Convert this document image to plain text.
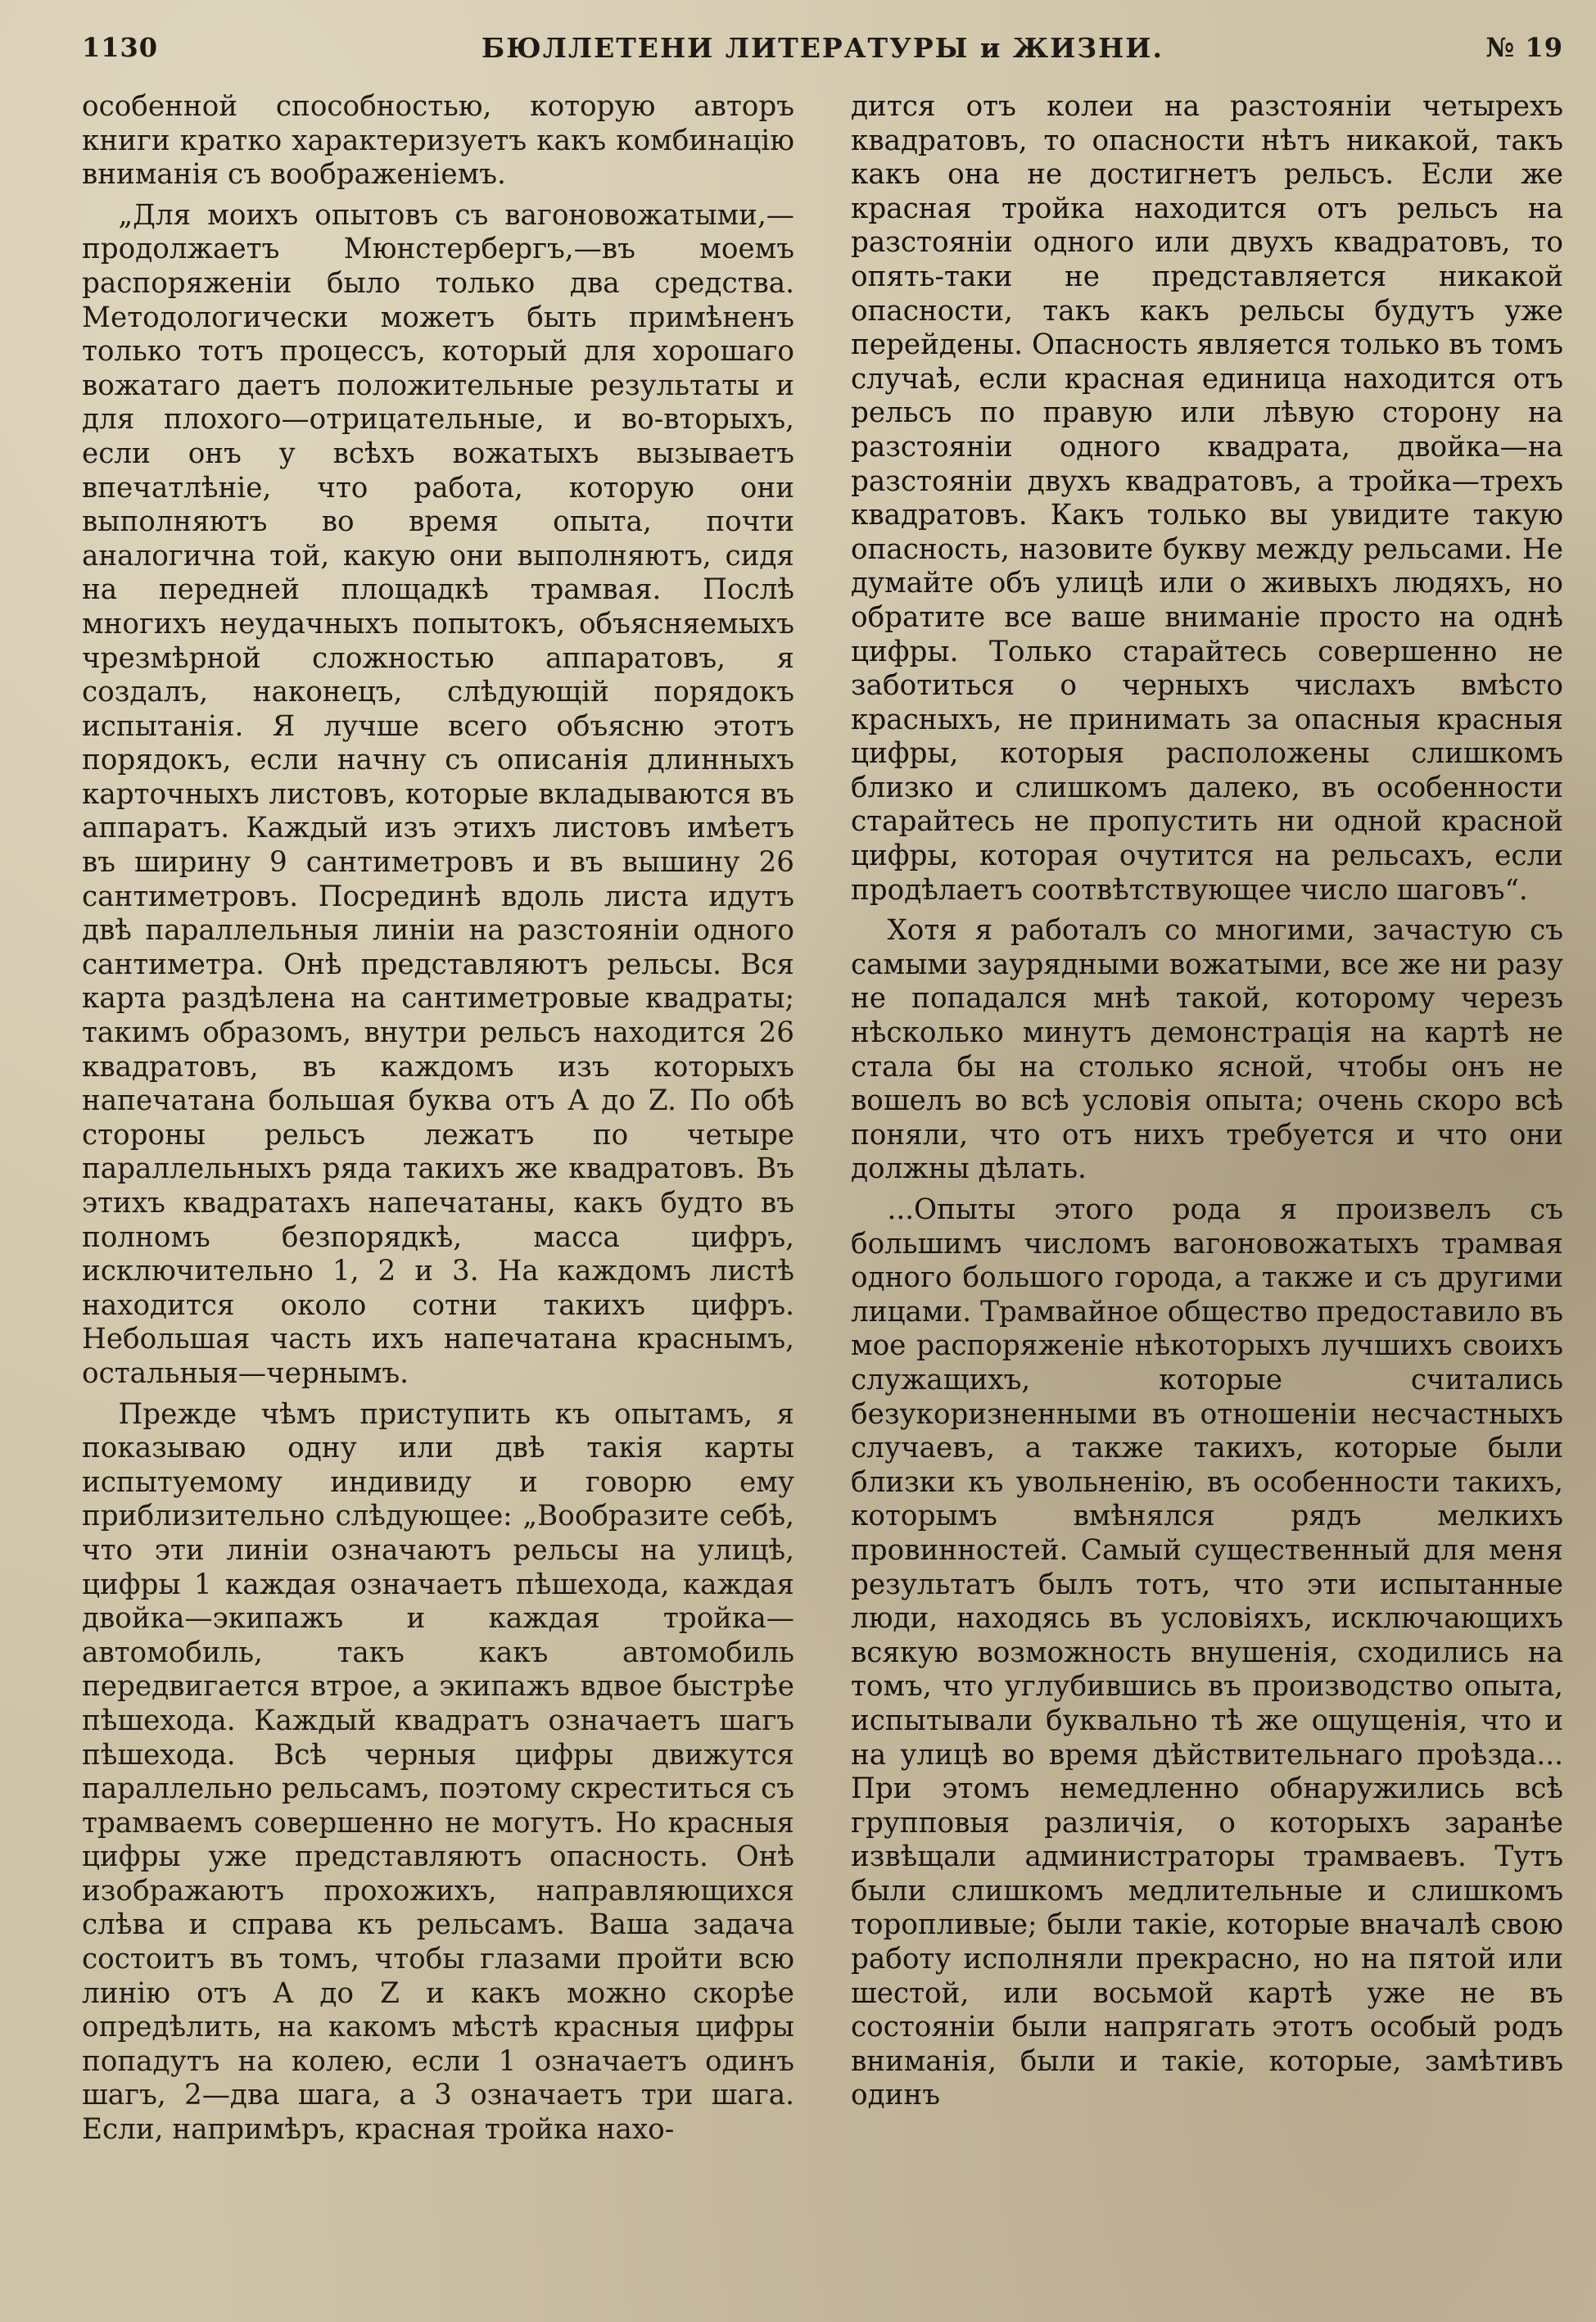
1130	БЮЛЛЕТЕНИ ЛИТЕРАТУРЫ и ЖИЗНИ.	№ 19

особенной способностью, которую авторъ книги кратко характеризуетъ какъ комбинацію вниманія съ воображеніемъ.

„Для моихъ опытовъ съ вагоновожатыми,— продолжаетъ Мюнстербергъ,—въ моемъ распоряженіи было только два средства. Методологически можетъ быть примѣненъ только тотъ процессъ, который для хорошаго вожатаго даетъ положительные результаты и для плохого—отрицательные, и во-вторыхъ, если онъ у всѣхъ вожатыхъ вызываетъ впечатлѣніе, что работа, которую они выполняютъ во время опыта, почти аналогична той, какую они выполняютъ, сидя на передней площадкѣ трамвая. Послѣ многихъ неудачныхъ попытокъ, объясняемыхъ чрезмѣрной сложностью аппаратовъ, я создалъ, наконецъ, слѣдующій порядокъ испытанія. Я лучше всего объясню этотъ порядокъ, если начну съ описанія длинныхъ карточныхъ листовъ, которые вкладываются въ аппаратъ. Каждый изъ этихъ листовъ имѣетъ въ ширину 9 сантиметровъ и въ вышину 26 сантиметровъ. Посрединѣ вдоль листа идутъ двѣ параллельныя линіи на разстояніи одного сантиметра. Онѣ представляютъ рельсы. Вся карта раздѣлена на сантиметровые квадраты; такимъ образомъ, внутри рельсъ находится 26 квадратовъ, въ каждомъ изъ которыхъ напечатана большая буква отъ A до Z. По обѣ стороны рельсъ лежатъ по четыре параллельныхъ ряда такихъ же квадратовъ. Въ этихъ квадратахъ напечатаны, какъ будто въ полномъ безпорядкѣ, масса цифръ, исключительно 1, 2 и 3. На каждомъ листѣ находится около сотни такихъ цифръ. Небольшая часть ихъ напечатана краснымъ, остальныя—чернымъ.

Прежде чѣмъ приступить къ опытамъ, я показываю одну или двѣ такія карты испытуемому индивиду и говорю ему приблизительно слѣдующее: „Вообразите себѣ, что эти линіи означаютъ рельсы на улицѣ, цифры 1 каждая означаетъ пѣшехода, каждая двойка—экипажъ и каждая тройка—автомобиль, такъ какъ автомобиль передвигается втрое, а экипажъ вдвое быстрѣе пѣшехода. Каждый квадратъ означаетъ шагъ пѣшехода. Всѣ черныя цифры движутся параллельно рельсамъ, поэтому скреститься съ трамваемъ совершенно не могутъ. Но красныя цифры уже представляютъ опасность. Онѣ изображаютъ прохожихъ, направляющихся слѣва и справа къ рельсамъ. Ваша задача состоитъ въ томъ, чтобы глазами пройти всю линію отъ A до Z и какъ можно скорѣе опредѣлить, на какомъ мѣстѣ красныя цифры попадутъ на колею, если 1 означаетъ одинъ шагъ, 2—два шага, а 3 означаетъ три шага. Если, напримѣръ, красная тройка нахо-

дится отъ колеи на разстояніи четырехъ квадратовъ, то опасности нѣтъ никакой, такъ какъ она не достигнетъ рельсъ. Если же красная тройка находится отъ рельсъ на разстояніи одного или двухъ квадратовъ, то опять-таки не представляется никакой опасности, такъ какъ рельсы будутъ уже перейдены. Опасность является только въ томъ случаѣ, если красная единица находится отъ рельсъ по правую или лѣвую сторону на разстояніи одного квадрата, двойка—на разстояніи двухъ квадратовъ, а тройка—трехъ квадратовъ. Какъ только вы увидите такую опасность, назовите букву между рельсами. Не думайте объ улицѣ или о живыхъ людяхъ, но обратите все ваше вниманіе просто на однѣ цифры. Только старайтесь совершенно не заботиться о черныхъ числахъ вмѣсто красныхъ, не принимать за опасныя красныя цифры, которыя расположены слишкомъ близко и слишкомъ далеко, въ особенности старайтесь не пропустить ни одной красной цифры, которая очутится на рельсахъ, если продѣлаетъ соотвѣтствующее число шаговъ“.

Хотя я работалъ со многими, зачастую съ самыми заурядными вожатыми, все же ни разу не попадался мнѣ такой, которому черезъ нѣсколько минутъ демонстрація на картѣ не стала бы на столько ясной, чтобы онъ не вошелъ во всѣ условія опыта; очень скоро всѣ поняли, что отъ нихъ требуется и что они должны дѣлать.

...Опыты этого рода я произвелъ съ большимъ числомъ вагоновожатыхъ трамвая одного большого города, а также и съ другими лицами. Трамвайное общество предоставило въ мое распоряженіе нѣкоторыхъ лучшихъ своихъ служащихъ, которые считались безукоризненными въ отношеніи несчастныхъ случаевъ, а также такихъ, которые были близки къ увольненію, въ особенности такихъ, которымъ вмѣнялся рядъ мелкихъ провинностей. Самый существенный для меня результатъ былъ тотъ, что эти испытанные люди, находясь въ условіяхъ, исключающихъ всякую возможность внушенія, сходились на томъ, что углубившись въ производство опыта, испытывали буквально тѣ же ощущенія, что и на улицѣ во время дѣйствительнаго проѣзда... При этомъ немедленно обнаружились всѣ групповыя различія, о которыхъ заранѣе извѣщали администраторы трамваевъ. Тутъ были слишкомъ медлительные и слишкомъ торопливые; были такіе, которые вначалѣ свою работу исполняли прекрасно, но на пятой или шестой, или восьмой картѣ уже не въ состояніи были напрягать этотъ особый родъ вниманія, были и такіе, которые, замѣтивъ одинъ
